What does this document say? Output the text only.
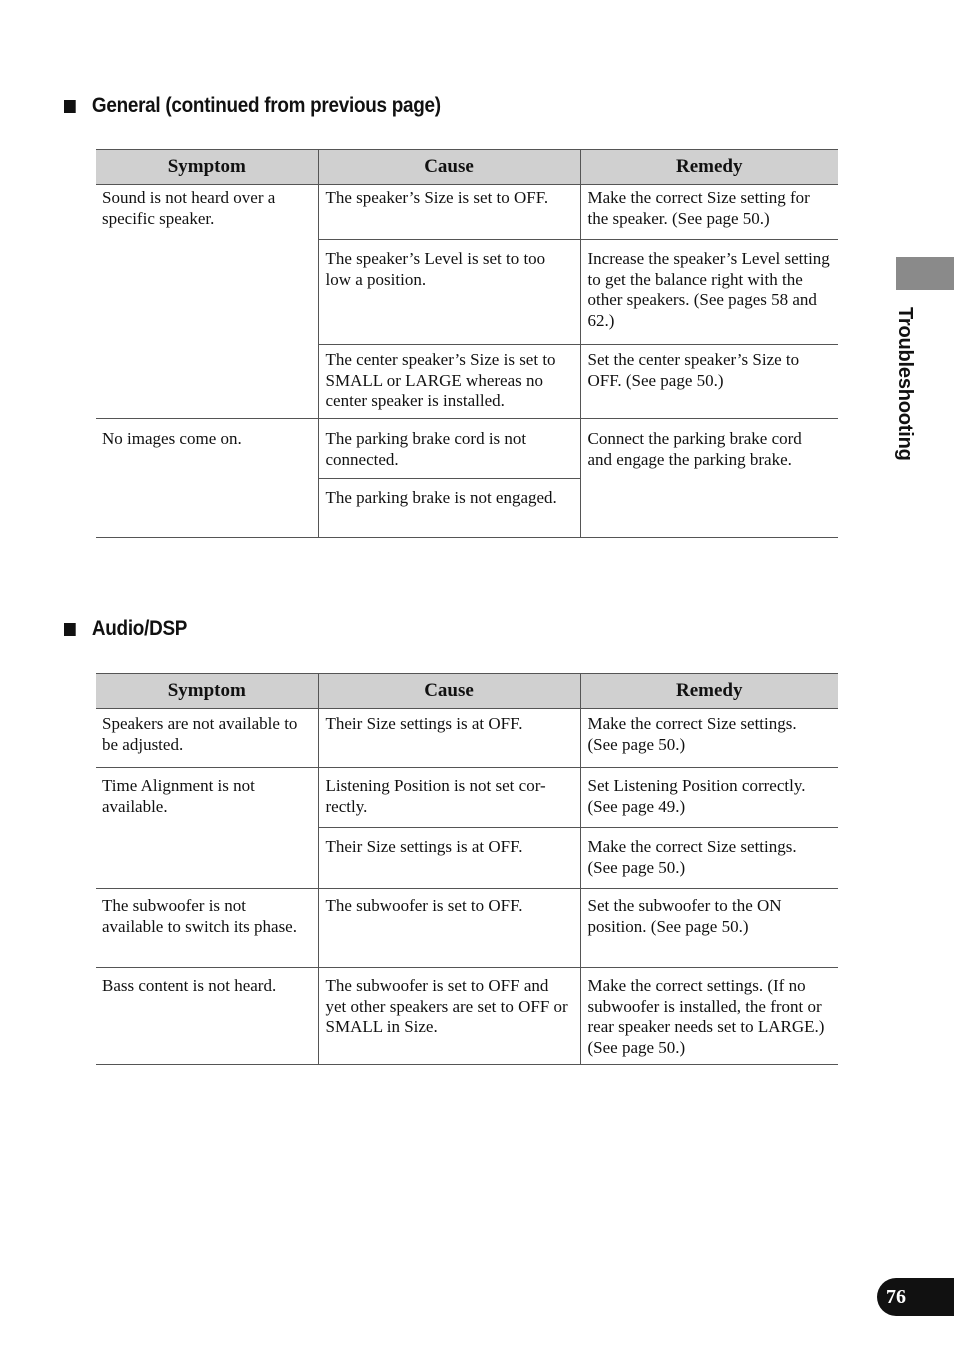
General (continued from previous page)
Symptom	Cause	Remedy
Sound is not heard over a specific speaker.	The speaker’s Size is set to OFF.	Make the correct Size setting for the speaker. (See page 50.)
	The speaker’s Level is set to too low a position.	Increase the speaker’s Level setting to get the balance right with the other speakers. (See pages 58 and 62.)
	The center speaker’s Size is set to SMALL or LARGE whereas no center speaker is installed.	Set the center speaker’s Size to OFF. (See page 50.)
No images come on.	The parking brake cord is not connected.	Connect the parking brake cord and engage the parking brake.
	The parking brake is not engaged.	
Audio/DSP
Symptom	Cause	Remedy
Speakers are not available to be adjusted.	Their Size settings is at OFF.	Make the correct Size settings. (See page 50.)
Time Alignment is not available.	Listening Position is not set cor-rectly.	Set Listening Position correctly. (See page 49.)
	Their Size settings is at OFF.	Make the correct Size settings. (See page 50.)
The subwoofer is not available to switch its phase.	The subwoofer is set to OFF.	Set the subwoofer to the ON position. (See page 50.)
Bass content is not heard.	The subwoofer is set to OFF and yet other speakers are set to OFF or SMALL in Size.	Make the correct settings. (If no subwoofer is installed, the front or rear speaker needs set to LARGE.) (See page 50.)
Troubleshooting
76
